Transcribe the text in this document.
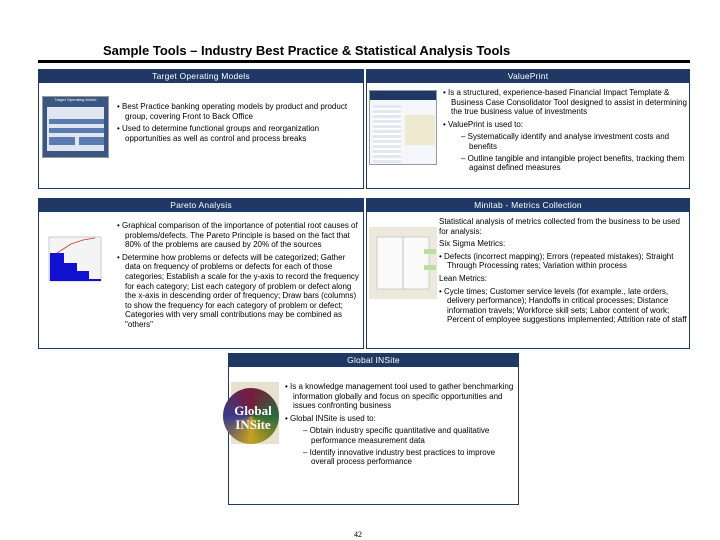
Sample Tools – Industry Best Practice & Statistical Analysis Tools
Target Operating Models
Target Operating Model
• Best Practice banking operating models by product and product group, covering Front to Back Office
• Used to determine functional groups and reorganization opportunities as well as control and process breaks
ValuePrint
• Is a structured, experience-based Financial Impact Template & Business Case Consolidator Tool designed to assist in determining the true business value of investments
• ValuePrint is used to:
– Systematically identify and analyse investment costs and benefits
– Outline tangible and intangible project benefits, tracking them against defined measures
Pareto Analysis
• Graphical comparison of the importance of potential root causes of problems/defects. The Pareto Principle is based on the fact that 80% of the problems are caused by 20% of the sources
• Determine how problems or defects will be categorized; Gather data on frequency of problems or defects for each of those categories; Establish a scale for the y-axis to record the frequency for each category; List each category of problem or defect along the x-axis in descending order of frequency; Draw bars (columns) to show the frequency for each category of problem or defect; Categories with very small contributions may be combined as "others"
Minitab - Metrics Collection
Statistical analysis of metrics collected from the business to be used for analysis:
Six Sigma Metrics:
• Defects (incorrect mapping); Errors (repeated mistakes); Straight Through Processing rates; Variation within process
Lean Metrics:
• Cycle times; Customer service levels (for example., late orders, delivery performance); Handoffs in critical processes; Distance information travels; Workforce skill sets; Labor content of work; Percent of employee suggestions implemented; Attrition rate of staff
Global INSite
Global INSite
• Is a knowledge management tool used to gather benchmarking information globally and focus on specific opportunities and issues confronting business
• Global INSite is used to:
– Obtain industry specific quantitative and qualitative performance measurement data
– Identify innovative industry best practices to improve overall process performance
42
